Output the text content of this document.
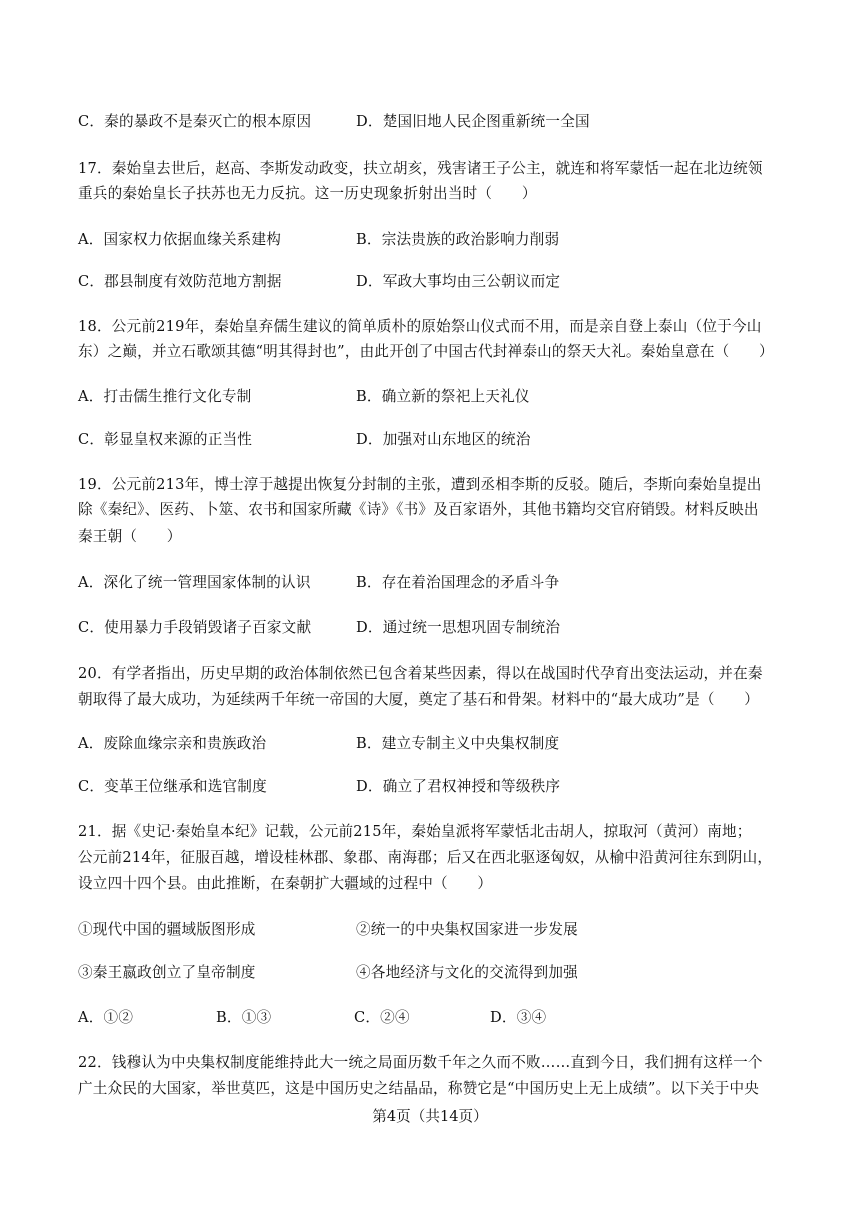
C．秦的暴政不是秦灭亡的根本原因	D．楚国旧地人民企图重新统一全国
17．秦始皇去世后，赵高、李斯发动政变，扶立胡亥，残害诸王子公主，就连和将军蒙恬一起在北边统领
重兵的秦始皇长子扶苏也无力反抗。这一历史现象折射出当时（　　）
A．国家权力依据血缘关系建构	B．宗法贵族的政治影响力削弱
C．郡县制度有效防范地方割据	D．军政大事均由三公朝议而定
18．公元前219年，秦始皇弃儒生建议的简单质朴的原始祭山仪式而不用，而是亲自登上泰山（位于今山
东）之巅，并立石歌颂其德“明其得封也”，由此开创了中国古代封禅泰山的祭天大礼。秦始皇意在（　　）
A．打击儒生推行文化专制	B．确立新的祭祀上天礼仪
C．彰显皇权来源的正当性	D．加强对山东地区的统治
19．公元前213年，博士淳于越提出恢复分封制的主张，遭到丞相李斯的反驳。随后，李斯向秦始皇提出
除《秦纪》、医药、卜筮、农书和国家所藏《诗》《书》及百家语外，其他书籍均交官府销毁。材料反映出
秦王朝（　　）
A．深化了统一管理国家体制的认识	B．存在着治国理念的矛盾斗争
C．使用暴力手段销毁诸子百家文献	D．通过统一思想巩固专制统治
20．有学者指出，历史早期的政治体制依然已包含着某些因素，得以在战国时代孕育出变法运动，并在秦
朝取得了最大成功，为延续两千年统一帝国的大厦，奠定了基石和骨架。材料中的“最大成功”是（　　）
A．废除血缘宗亲和贵族政治	B．建立专制主义中央集权制度
C．变革王位继承和选官制度	D．确立了君权神授和等级秩序
21．据《史记·秦始皇本纪》记载，公元前215年，秦始皇派将军蒙恬北击胡人，掠取河（黄河）南地；
公元前214年，征服百越，增设桂林郡、象郡、南海郡；后又在西北驱逐匈奴，从榆中沿黄河往东到阴山，
设立四十四个县。由此推断，在秦朝扩大疆域的过程中（　　）
①现代中国的疆域版图形成	②统一的中央集权国家进一步发展
③秦王嬴政创立了皇帝制度	④各地经济与文化的交流得到加强
A．①②	B．①③	C．②④	D．③④
22．钱穆认为中央集权制度能维持此大一统之局面历数千年之久而不败……直到今日，我们拥有这样一个
广土众民的大国家，举世莫匹，这是中国历史之结晶品，称赞它是“中国历史上无上成绩”。以下关于中央
第4页（共14页）
